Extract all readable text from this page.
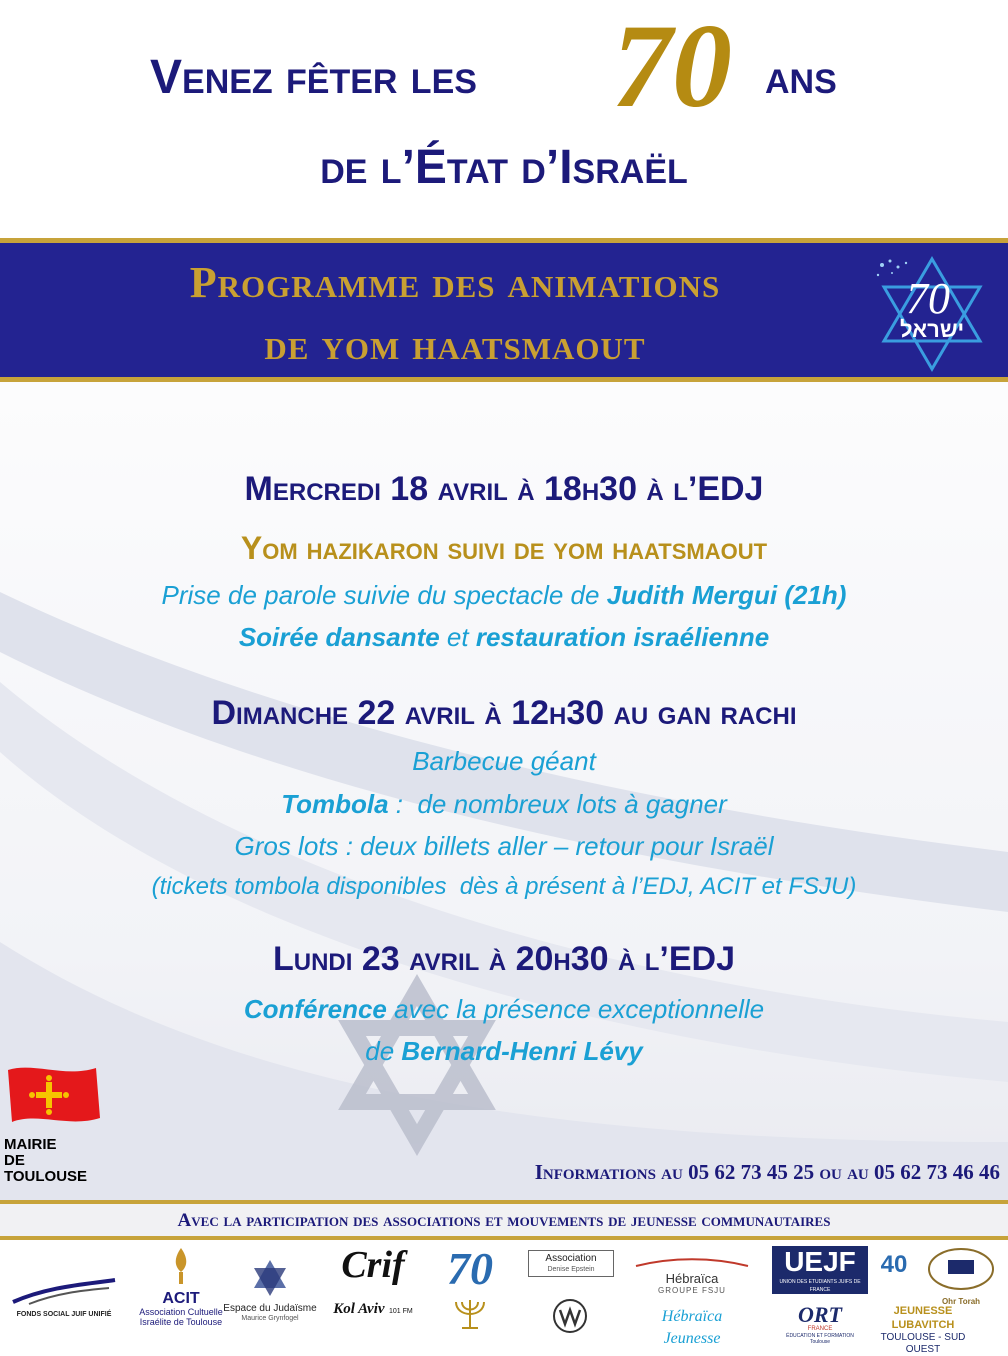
Venez fêter les 70 ans
de l’État d’Israël
Programme des animations
de yom haatsmaout
70
ישראל
Mercredi 18 avril à 18h30 à l’EDJ
Yom hazikaron suivi de yom haatsmaout
Prise de parole suivie du spectacle de Judith Mergui (21h)
Soirée dansante et restauration israélienne
Dimanche 22 avril à 12h30 au gan rachi
Barbecue géant
Tombola :  de nombreux lots à gagner
Gros lots : deux billets aller – retour pour Israël
(tickets tombola disponibles  dès à présent à l’EDJ, ACIT et FSJU)
Lundi 23 avril à 20h30 à l’EDJ
Conférence avec la présence exceptionnelle
de Bernard-Henri Lévy
MAIRIE
DE
TOULOUSE	Informations au 05 62 73 45 25 ou au 05 62 73 46 46
Avec la participation des associations et mouvements de jeunesse communautaires
FONDS SOCIAL JUIF UNIFIÉ
ACIT
Association Cultuelle
Israélite de Toulouse
Espace du Judaïsme
Maurice Grynfogel
Crif
Kol Aviv 101 FM
70	Association
Denise Epstein
Hébraïca
GROUPE FSJU
Hébraïca Jeunesse
UEJF
UNION DES ETUDIANTS JUIFS DE FRANCE
40
Ohr Torah
ORT
FRANCE
ÉDUCATION ET FORMATION
Toulouse
JEUNESSE LUBAVITCH
TOULOUSE - SUD OUEST
